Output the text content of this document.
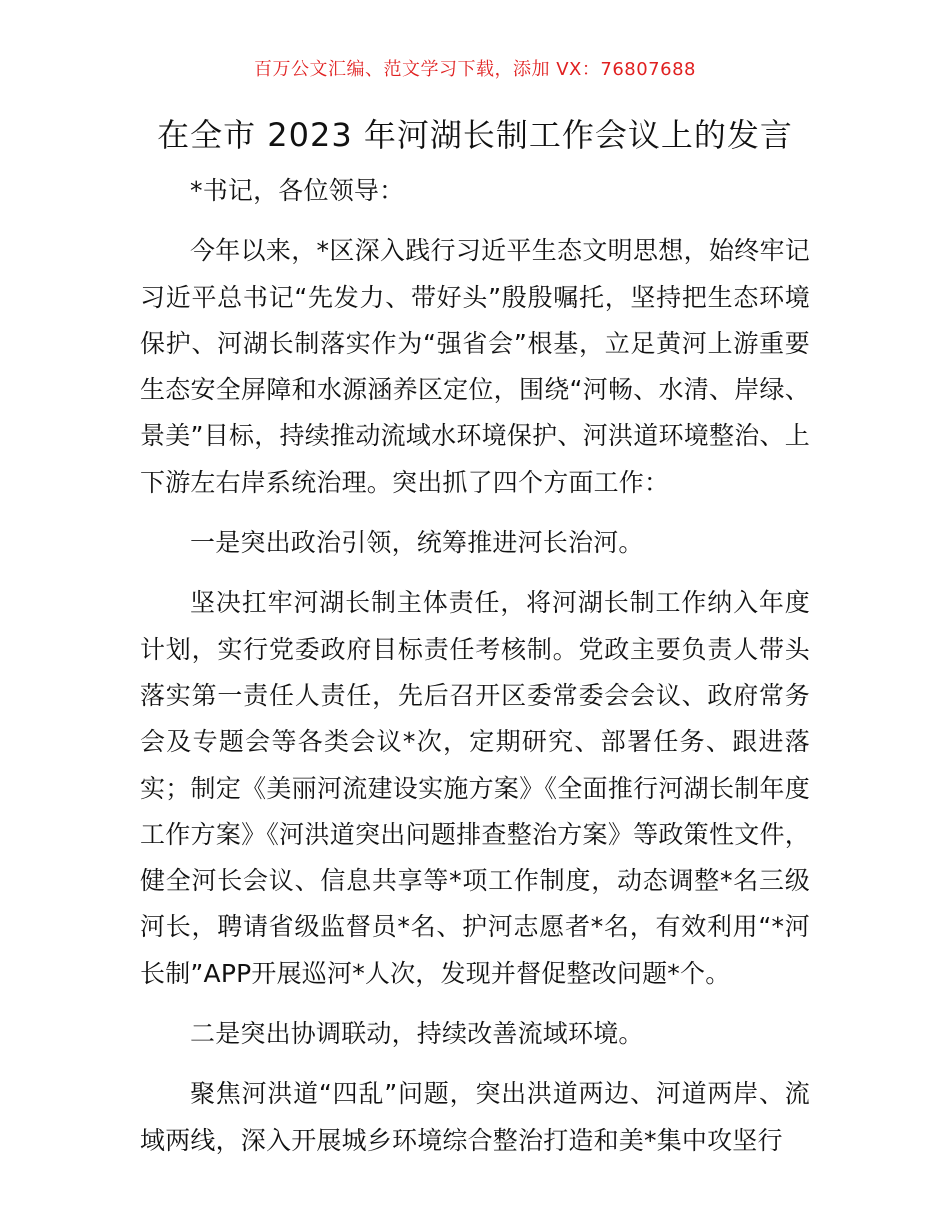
百万公文汇编、范文学习下载，添加 VX：76807688
在全市 2023 年河湖长制工作会议上的发言

*书记，各位领导：

今年以来，*区深入践行习近平生态文明思想，始终牢记习近平总书记“先发力、带好头”殷殷嘱托，坚持把生态环境保护、河湖长制落实作为“强省会”根基，立足黄河上游重要生态安全屏障和水源涵养区定位，围绕“河畅、水清、岸绿、景美”目标，持续推动流域水环境保护、河洪道环境整治、上下游左右岸系统治理。突出抓了四个方面工作：

一是突出政治引领，统筹推进河长治河。

坚决扛牢河湖长制主体责任，将河湖长制工作纳入年度计划，实行党委政府目标责任考核制。党政主要负责人带头落实第一责任人责任，先后召开区委常委会会议、政府常务会及专题会等各类会议*次，定期研究、部署任务、跟进落实；制定《美丽河流建设实施方案》《全面推行河湖长制年度工作方案》《河洪道突出问题排查整治方案》等政策性文件，健全河长会议、信息共享等*项工作制度，动态调整*名三级河长，聘请省级监督员*名、护河志愿者*名，有效利用“*河长制”APP开展巡河*人次，发现并督促整改问题*个。

二是突出协调联动，持续改善流域环境。

聚焦河洪道“四乱”问题，突出洪道两边、河道两岸、流域两线，深入开展城乡环境综合整治打造和美*集中攻坚行
